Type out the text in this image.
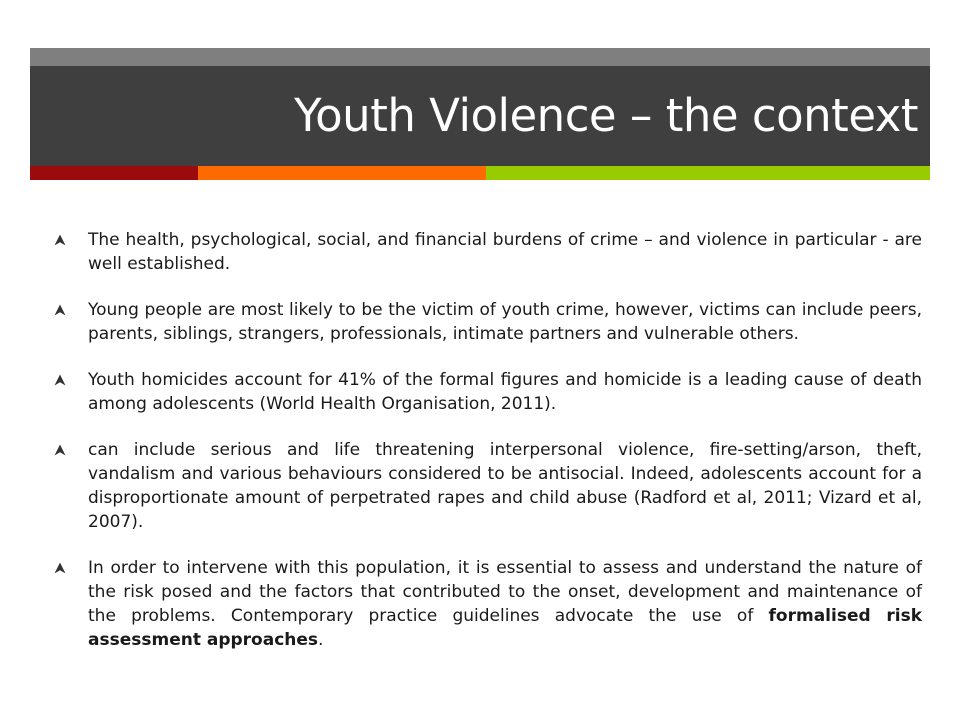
Youth Violence – the context
The health, psychological, social, and financial burdens of crime – and violence in particular - are well established.
Young people are most likely to be the victim of youth crime, however, victims can include peers, parents, siblings, strangers, professionals, intimate partners and vulnerable others.
Youth homicides account for 41% of the formal figures and homicide is a leading cause of death among adolescents (World Health Organisation, 2011).
can include serious and life threatening interpersonal violence, fire-setting/arson, theft, vandalism and various behaviours considered to be antisocial. Indeed, adolescents account for a disproportionate amount of perpetrated rapes and child abuse (Radford et al, 2011; Vizard et al, 2007).
In order to intervene with this population, it is essential to assess and understand the nature of the risk posed and the factors that contributed to the onset, development and maintenance of the problems. Contemporary practice guidelines advocate the use of formalised risk assessment approaches.
